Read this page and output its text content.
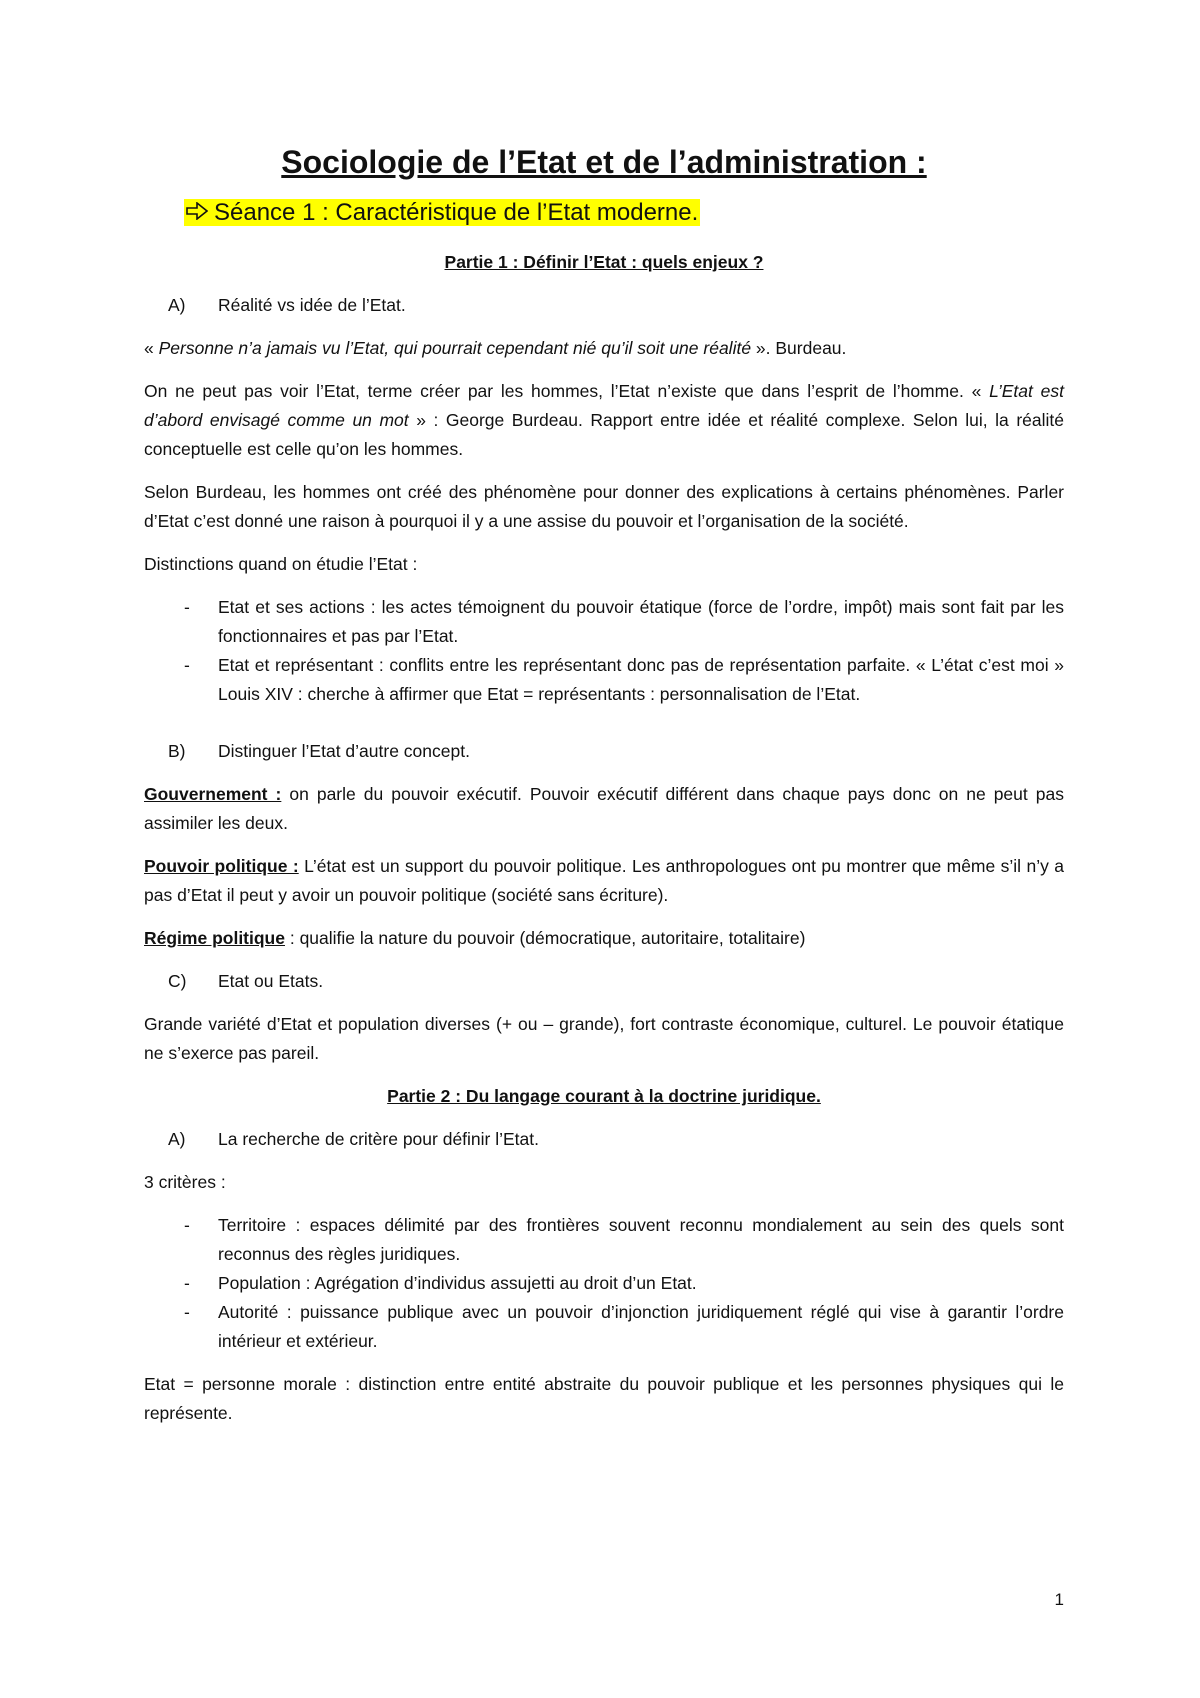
Sociologie de l’Etat et de l’administration :
Séance 1 : Caractéristique de l’Etat moderne.
Partie 1 : Définir l’Etat : quels enjeux ?
A) Réalité vs idée de l’Etat.

« Personne n’a jamais vu l’Etat, qui pourrait cependant nié qu’il soit une réalité ». Burdeau.

On ne peut pas voir l’Etat, terme créer par les hommes, l’Etat n’existe que dans l’esprit de l’homme. « L’Etat est d’abord envisagé comme un mot » : George Burdeau. Rapport entre idée et réalité complexe. Selon lui, la réalité conceptuelle est celle qu’on les hommes.

Selon Burdeau, les hommes ont créé des phénomène pour donner des explications à certains phénomènes. Parler d’Etat c’est donné une raison à pourquoi il y a une assise du pouvoir et l’organisation de la société.

Distinctions quand on étudie l’Etat :

- Etat et ses actions : les actes témoignent du pouvoir étatique (force de l’ordre, impôt) mais sont fait par les fonctionnaires et pas par l’Etat.
- Etat et représentant : conflits entre les représentant donc pas de représentation parfaite. « L’état c’est moi » Louis XIV : cherche à affirmer que Etat = représentants : personnalisation de l’Etat.
B) Distinguer l’Etat d’autre concept.

Gouvernement : on parle du pouvoir exécutif. Pouvoir exécutif différent dans chaque pays donc on ne peut pas assimiler les deux.

Pouvoir politique : L’état est un support du pouvoir politique. Les anthropologues ont pu montrer que même s’il n’y a pas d’Etat il peut y avoir un pouvoir politique (société sans écriture).

Régime politique : qualifie la nature du pouvoir (démocratique, autoritaire, totalitaire)

C) Etat ou Etats.

Grande variété d’Etat et population diverses (+ ou – grande), fort contraste économique, culturel. Le pouvoir étatique ne s’exerce pas pareil.

Partie 2 : Du langage courant à la doctrine juridique.
A) La recherche de critère pour définir l’Etat.

3 critères :

- Territoire : espaces délimité par des frontières souvent reconnu mondialement au sein des quels sont reconnus des règles juridiques.
- Population : Agrégation d’individus assujetti au droit d’un Etat.
- Autorité : puissance publique avec un pouvoir d’injonction juridiquement réglé qui vise à garantir l’ordre intérieur et extérieur.

Etat = personne morale : distinction entre entité abstraite du pouvoir publique et les personnes physiques qui le représente.

1
